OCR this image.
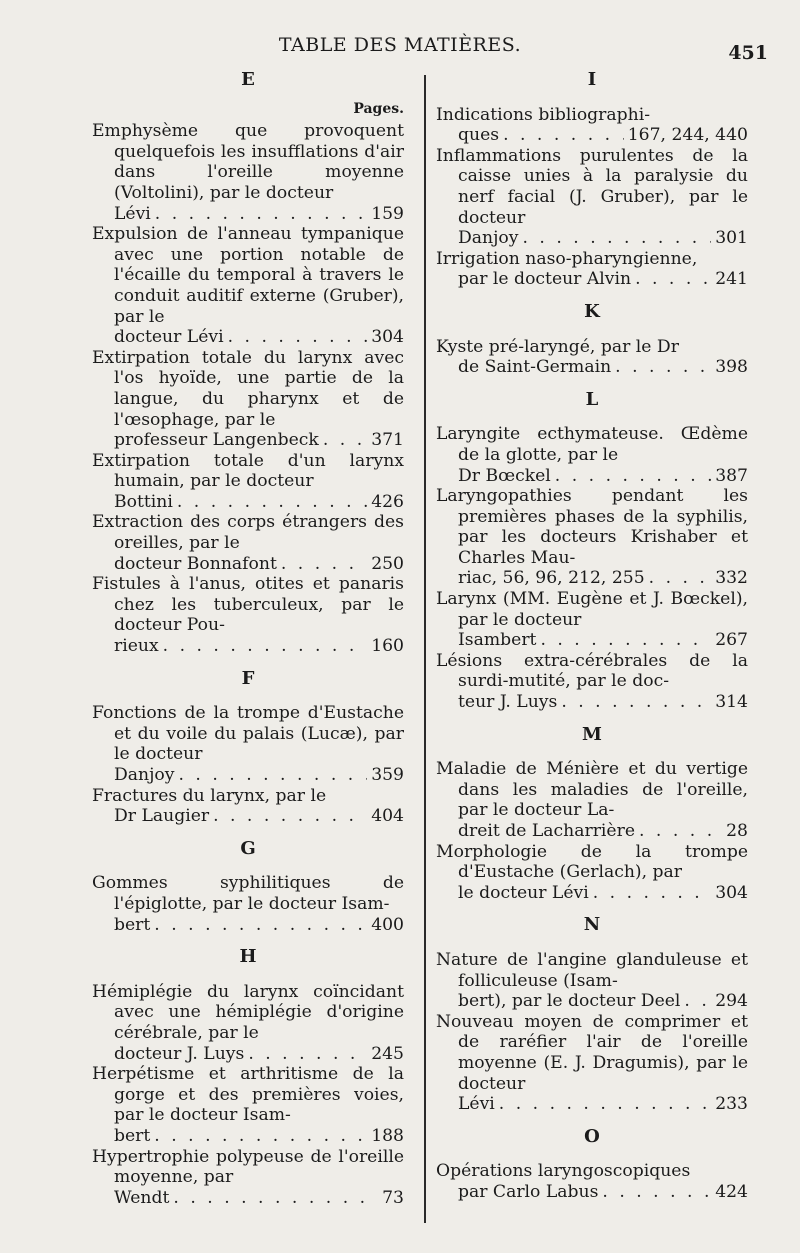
TABLE DES MATIÈRES.	451
E
Pages.
Emphysème que provoquent quelquefois les insufflations d'air dans l'oreille moyenne (Voltolini), par le docteur
Lévi . . .	159
Expulsion de l'anneau tympanique avec une portion notable de l'écaille du temporal à travers le conduit auditif externe (Gruber), par le
docteur Lévi . . .	304
Extirpation totale du larynx avec l'os hyoïde, une partie de la langue, du pharynx et de l'œsophage, par le
professeur Langenbeck . . .	371
Extirpation totale d'un larynx humain, par le docteur
Bottini . . .	426
Extraction des corps étrangers des oreilles, par le
docteur Bonnafont . . .	250
Fistules à l'anus, otites et panaris chez les tuberculeux, par le docteur Pou-
rieux . . .	160
F
Fonctions de la trompe d'Eustache et du voile du palais (Lucæ), par le docteur
Danjoy . . .	359
Fractures du larynx, par le
Dr Laugier . . .	404
G
Gommes syphilitiques de l'épiglotte, par le docteur Isam-
bert . . .	400
H
Hémiplégie du larynx coïncidant avec une hémiplégie d'origine cérébrale, par le
docteur J. Luys . . .	245
Herpétisme et arthritisme de la gorge et des premières voies, par le docteur Isam-
bert . . .	188
Hypertrophie polypeuse de l'oreille moyenne, par
Wendt . . .	73
I
Indications bibliographi-
ques . . .	167, 244, 440
Inflammations purulentes de la caisse unies à la paralysie du nerf facial (J. Gruber), par le docteur
Danjoy . . .	301
Irrigation naso-pharyngienne,
par le docteur Alvin . . .	241
K
Kyste pré-laryngé, par le Dr
de Saint-Germain . . .	398
L
Laryngite ecthymateuse. Œdème de la glotte, par le
Dr Bœckel . . .	387
Laryngopathies pendant les premières phases de la syphilis, par les docteurs Krishaber et Charles Mau-
riac, 56, 96, 212, 255 . . .	332
Larynx (MM. Eugène et J. Bœckel), par le docteur
Isambert . . .	267
Lésions extra-cérébrales de la surdi-mutité, par le doc-
teur J. Luys . . .	314
M
Maladie de Ménière et du vertige dans les maladies de l'oreille, par le docteur La-
dreit de Lacharrière . . .	28
Morphologie de la trompe d'Eustache (Gerlach), par
le docteur Lévi . . .	304
N
Nature de l'angine glanduleuse et folliculeuse (Isam-
bert), par le docteur Deel . . . 294
Nouveau moyen de comprimer et de raréfier l'air de l'oreille moyenne (E. J. Dragumis), par le docteur
Lévi . . .	233
O
Opérations laryngoscopiques
par Carlo Labus . . .	424
